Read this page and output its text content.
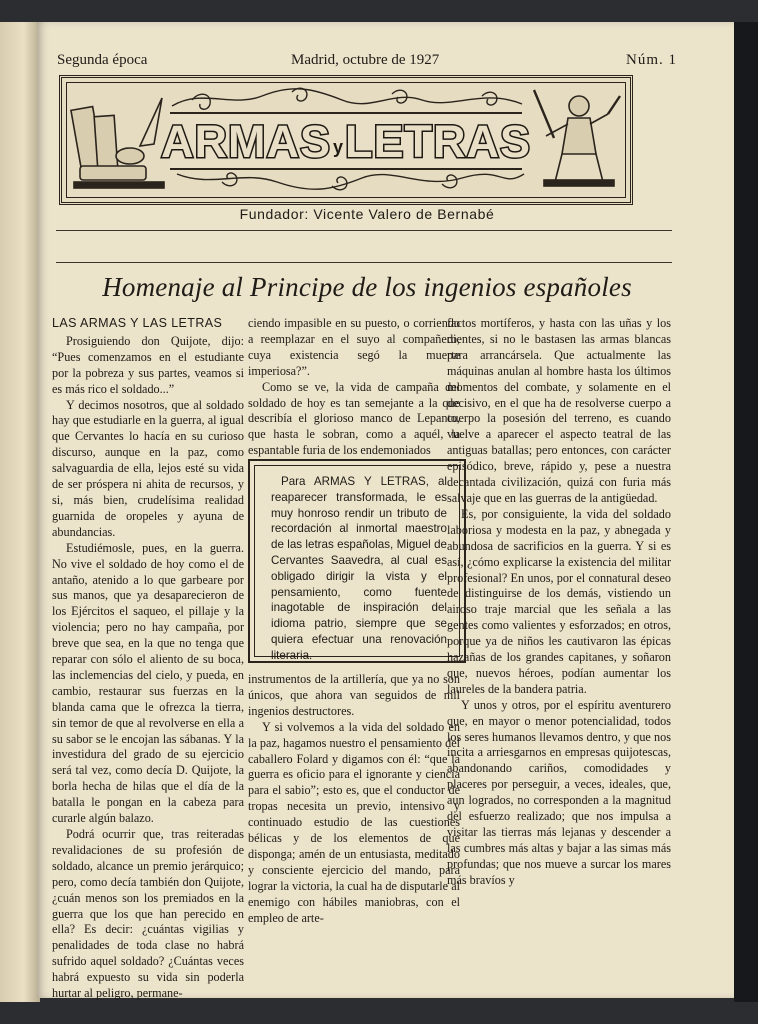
Segunda época	Madrid, octubre de 1927	Núm. 1
ARMAS y LETRAS
Fundador: Vicente Valero de Bernabé
Homenaje al Principe de los ingenios españoles

LAS ARMAS Y LAS LETRAS

Prosiguiendo don Quijote, dijo: “Pues comenzamos en el estudiante por la pobreza y sus partes, veamos si es más rico el soldado...”

Y decimos nosotros, que al soldado hay que estudiarle en la guerra, al igual que Cervantes lo hacía en su curioso discurso, aunque en la paz, como salvaguardia de ella, lejos esté su vida de ser próspera ni ahita de recursos, y si, más bien, crudelísima realidad guarnida de oropeles y ayuna de abundancias.

Estudiémosle, pues, en la guerra. No vive el soldado de hoy como el de antaño, atenido a lo que garbeare por sus manos, que ya desaparecieron de los Ejércitos el saqueo, el pillaje y la violencia; pero no hay campaña, por breve que sea, en la que no tenga que reparar con sólo el aliento de su boca, las inclemencias del cielo, y pueda, en cambio, restaurar sus fuerzas en la blanda cama que le ofrezca la tierra, sin temor de que al revolverse en ella a su sabor se le encojan las sábanas. Y la investidura del grado de su ejercicio será tal vez, como decía D. Quijote, la borla hecha de hilas que el día de la batalla le pongan en la cabeza para curarle algún balazo.

Podrá ocurrir que, tras reiteradas revalidaciones de su profesión de soldado, alcance un premio jerárquico; pero, como decía también don Quijote, ¿cuán menos son los premiados en la guerra que los que han perecido en ella? Es decir: ¿cuántas vigilias y penalidades de toda clase no habrá sufrido aquel soldado? ¿Cuántas veces habrá expuesto su vida sin poderla hurtar al peligro, permane-

ciendo impasible en su puesto, o corriendo a reemplazar en el suyo al compañero, cuya existencia segó la muerte imperiosa?”.

Como se ve, la vida de campaña del soldado de hoy es tan semejante a la que describía el glorioso manco de Lepanto, que hasta le sobran, como a aquél, la espantable furia de los endemoniados

Para ARMAS Y LETRAS, al reaparecer transformada, le es muy honroso rendir un tributo de recordación al inmortal maestro de las letras españolas, Miguel de Cervantes Saavedra, al cual es obligado dirigir la vista y el pensamiento, como fuente inagotable de inspiración del idioma patrio, siempre que se quiera efectuar una renovación literaria.

instrumentos de la artillería, que ya no son únicos, que ahora van seguidos de mil ingenios destructores.

Y si volvemos a la vida del soldado en la paz, hagamos nuestro el pensamiento del caballero Folard y digamos con él: “que la guerra es oficio para el ignorante y ciencia para el sabio”; esto es, que el conductor de tropas necesita un previo, intensivo y continuado estudio de las cuestiones bélicas y de los elementos de que disponga; amén de un entusiasta, meditado y consciente ejercicio del mando, para lograr la victoria, la cual ha de disputarle al enemigo con hábiles maniobras, con el empleo de arte-

factos mortíferos, y hasta con las uñas y los dientes, si no le bastasen las armas blancas para arrancársela. Que actualmente las máquinas anulan al hombre hasta los últimos momentos del combate, y solamente en el decisivo, en el que ha de resolverse cuerpo a cuerpo la posesión del terreno, es cuando vuelve a aparecer el aspecto teatral de las antiguas batallas; pero entonces, con carácter episódico, breve, rápido y, pese a nuestra decantada civilización, quizá con furia más salvaje que en las guerras de la antigüedad.

Es, por consiguiente, la vida del soldado laboriosa y modesta en la paz, y abnegada y abundosa de sacrificios en la guerra. Y si es así, ¿cómo explicarse la existencia del militar profesional? En unos, por el connatural deseo de distinguirse de los demás, vistiendo un airoso traje marcial que les señala a las gentes como valientes y esforzados; en otros, porque ya de niños les cautivaron las épicas hazañas de los grandes capitanes, y soñaron que, nuevos héroes, podían aumentar los laureles de la bandera patria.

Y unos y otros, por el espíritu aventurero que, en mayor o menor potencialidad, todos los seres humanos llevamos dentro, y que nos incita a arriesgarnos en empresas quijotescas, abandonando cariños, comodidades y placeres por perseguir, a veces, ideales, que, aun logrados, no corresponden a la magnitud del esfuerzo realizado; que nos impulsa a visitar las tierras más lejanas y descender a las cumbres más altas y bajar a las simas más profundas; que nos mueve a surcar los mares más bravíos y
